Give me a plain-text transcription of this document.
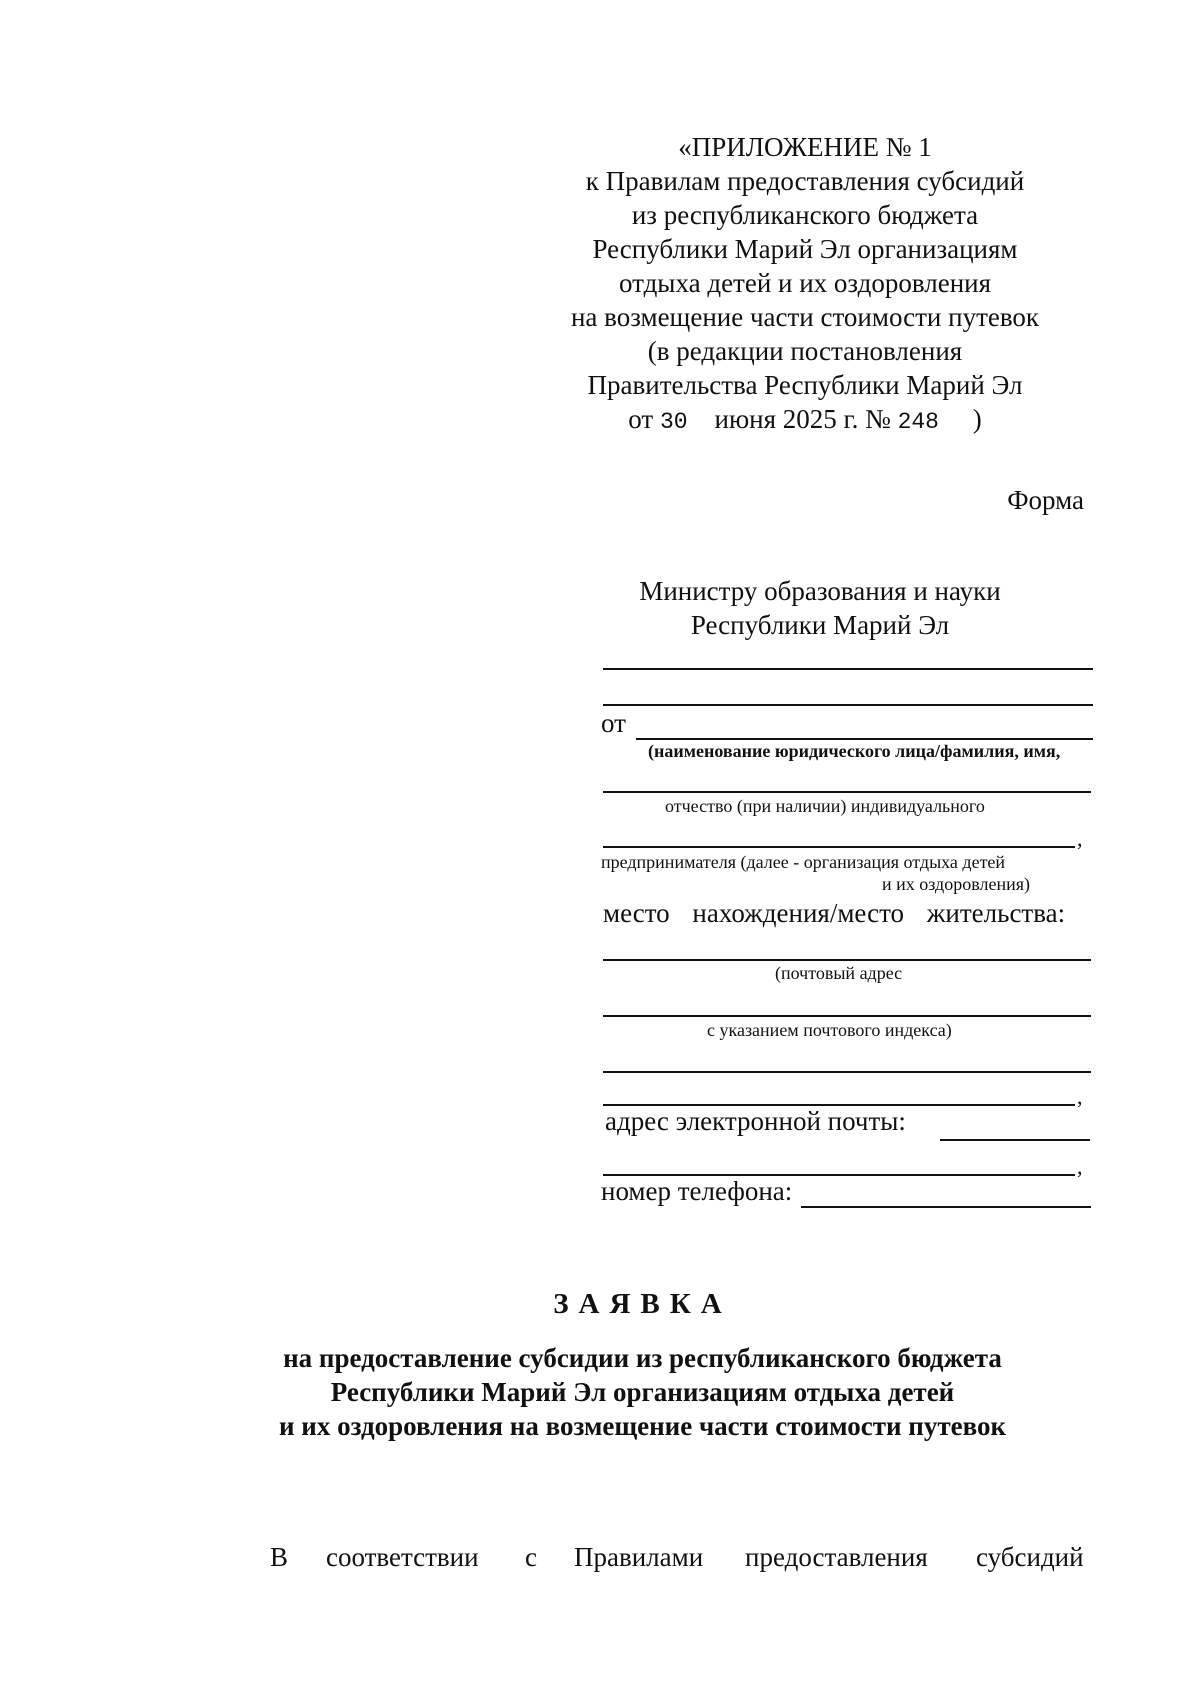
«ПРИЛОЖЕНИЕ № 1
к Правилам предоставления субсидий
из республиканского бюджета
Республики Марий Эл организациям
отдыха детей и их оздоровления
на возмещение части стоимости путевок
(в редакции постановления
Правительства Республики Марий Эл
от 30 июня 2025 г. № 248 )
Форма
Министру образования и науки
Республики Марий Эл
от
(наименование юридического лица/фамилия, имя,
отчество (при наличии) индивидуального
,
предпринимателя (далее - организация отдыха детей
и их оздоровления)
место нахождения/место жительства:
(почтовый адрес
с указанием почтового индекса)
,
адрес электронной почты:
,
номер телефона:
ЗАЯВКА
на предоставление субсидии из республиканского бюджета
Республики Марий Эл организациям отдыха детей
и их оздоровления на возмещение части стоимости путевок
В соответствии с Правилами предоставления субсидий
